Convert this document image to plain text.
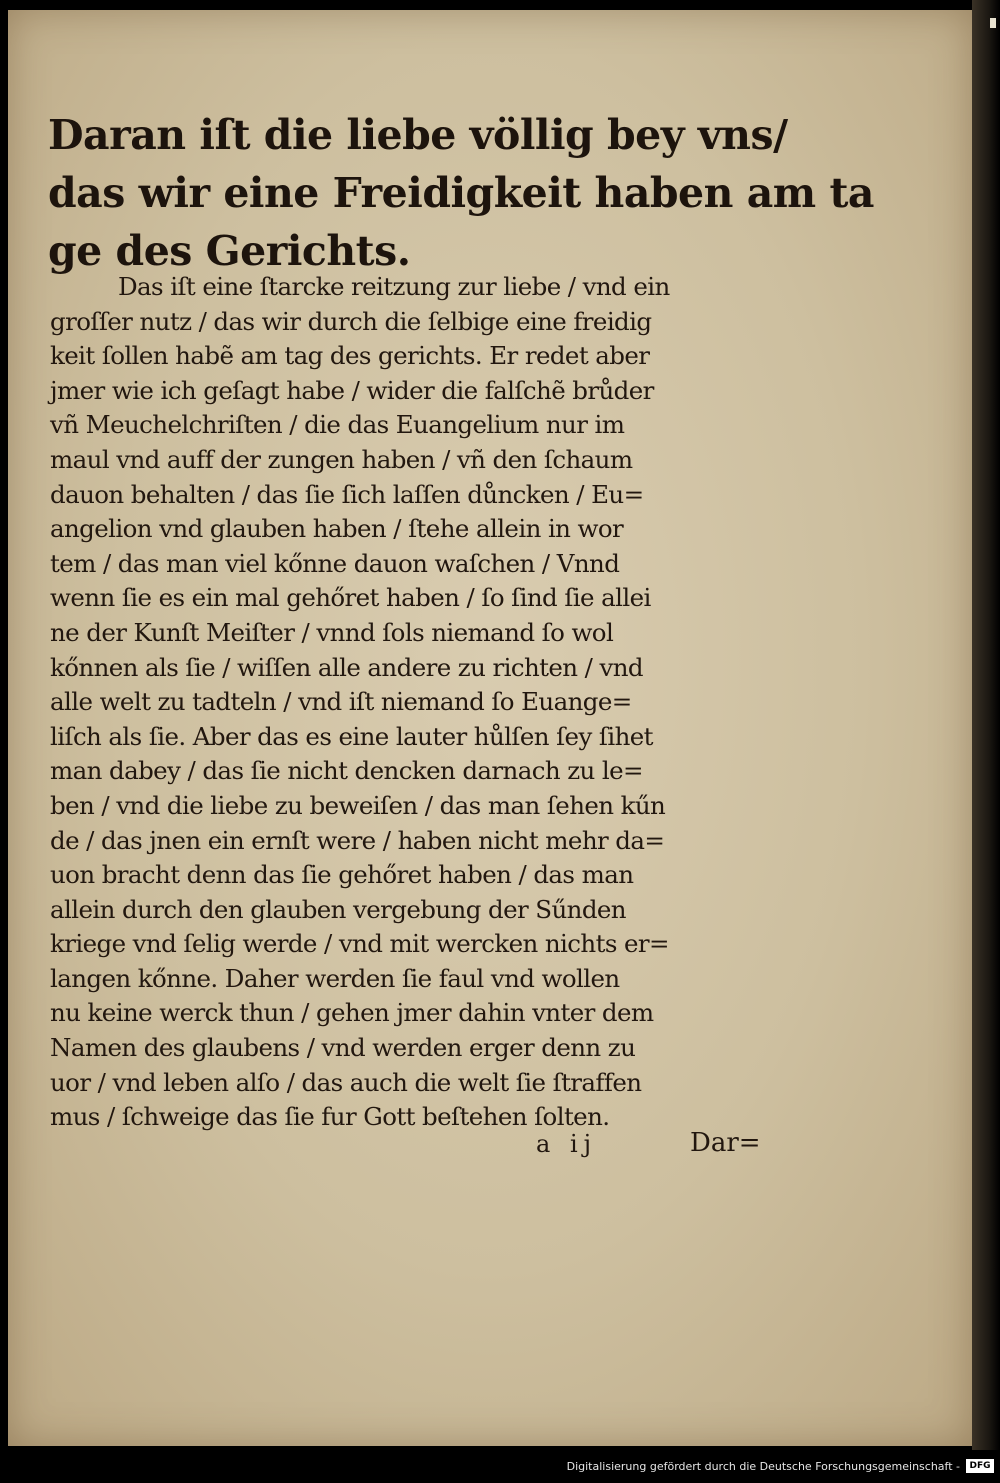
Daran iſt die liebe völlig bey vns/
das wir eine Freidigkeit haben am ta
ge des Gerichts.
Das iſt eine ſtarcke reitzung zur liebe / vnd ein
groſſer nutz / das wir durch die ſelbige eine freidig
keit ſollen habẽ am tag des gerichts. Er redet aber
jmer wie ich geſagt habe / wider die falſchẽ brůder
vñ Meuchelchriſten / die das Euangelium nur im
maul vnd auff der zungen haben / vñ den ſchaum
dauon behalten / das ſie ſich laſſen důncken / Eu=
angelion vnd glauben haben / ſtehe allein in wor
tem / das man viel kőnne dauon waſchen / Vnnd
wenn ſie es ein mal gehőret haben / ſo ſind ſie allei
ne der Kunſt Meiſter / vnnd ſols niemand ſo wol
kőnnen als ſie / wiſſen alle andere zu richten / vnd
alle welt zu tadteln / vnd iſt niemand ſo Euange=
liſch als ſie. Aber das es eine lauter hůlſen ſey ſihet
man dabey / das ſie nicht dencken darnach zu le=
ben / vnd die liebe zu beweiſen / das man ſehen kűn
de / das jnen ein ernſt were / haben nicht mehr da=
uon bracht denn das ſie gehőret haben / das man
allein durch den glauben vergebung der Sűnden
kriege vnd ſelig werde / vnd mit wercken nichts er=
langen kőnne. Daher werden ſie faul vnd wollen
nu keine werck thun / gehen jmer dahin vnter dem
Namen des glaubens / vnd werden erger denn zu
uor / vnd leben alſo / das auch die welt ſie ſtraffen
mus / ſchweige das ſie fur Gott beſtehen ſolten.
a ij	Dar=
Digitalisierung gefördert durch die Deutsche Forschungsgemeinschaft -	DFG
